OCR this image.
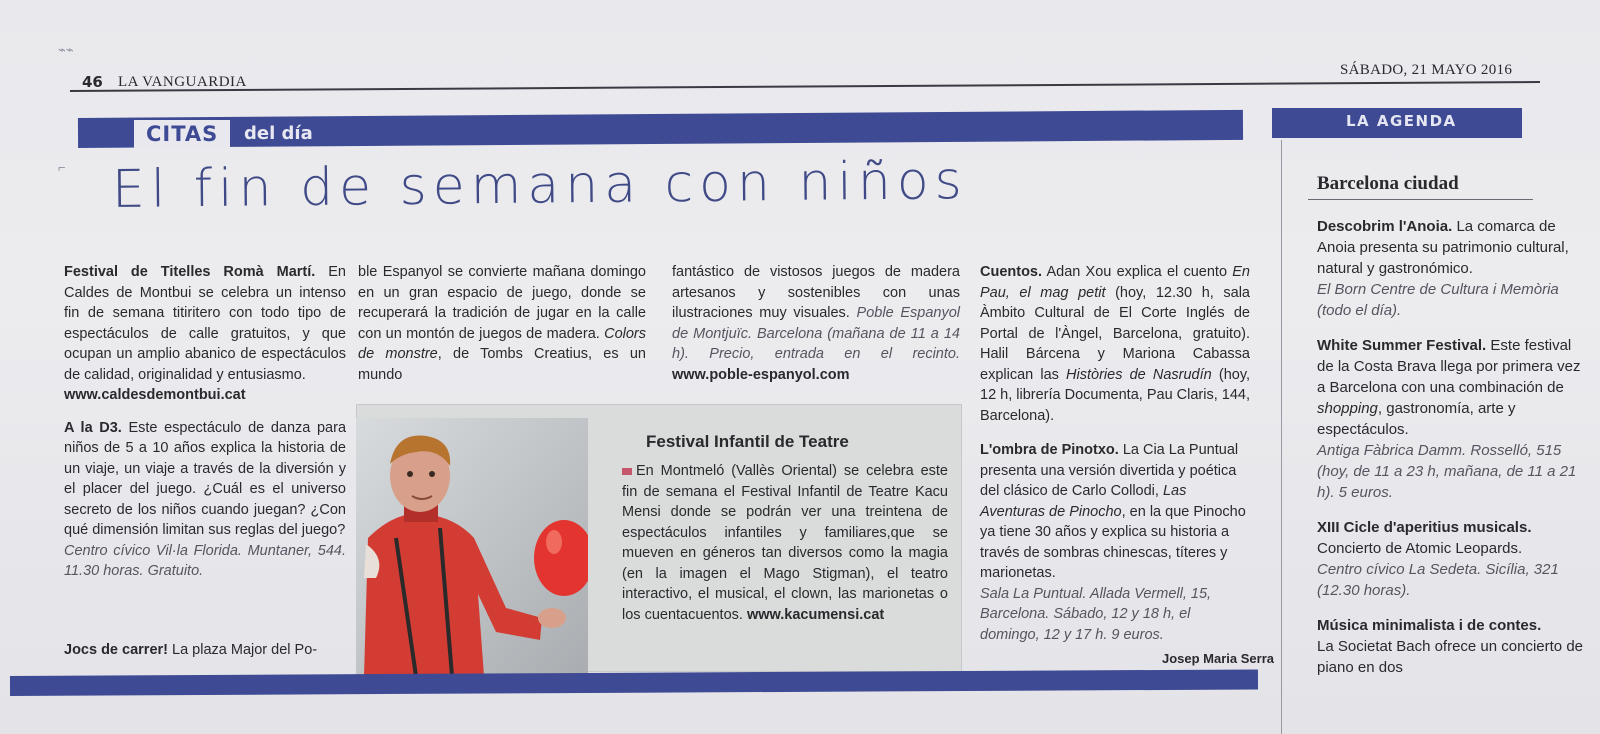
46 LA VANGUARDIA
SÁBADO, 21 MAYO 2016
⌁⌁
CITAS	del día
LA AGENDA
⌐ El fin de semana con niños

Festival de Titelles Romà Martí. En Caldes de Montbui se celebra un intenso fin de semana titiritero con todo tipo de espectáculos de calle gratuitos, y que ocupan un amplio abanico de espectáculos de calidad, originalidad y entusiasmo.
www.caldesdemontbui.cat

A la D3. Este espectáculo de danza para niños de 5 a 10 años explica la historia de un viaje, un viaje a través de la diversión y el placer del juego. ¿Cuál es el universo secreto de los niños cuando juegan? ¿Con qué dimensión limitan sus reglas del juego?
Centro cívico Vil·la Florida. Muntaner, 544. 11.30 horas. Gratuito.

Jocs de carrer! La plaza Major del Po-
ble Espanyol se convierte mañana domingo en un gran espacio de juego, donde se recuperará la tradición de jugar en la calle con un montón de juegos de madera. Colors de monstre, de Tombs Creatius, es un mundo
fantástico de vistosos juegos de madera artesanos y sostenibles con unas ilustraciones muy visuales. Poble Espanyol de Montjuïc. Barcelona (mañana de 11 a 14 h). Precio, entrada en el recinto. www.poble-espanyol.com
Cuentos. Adan Xou explica el cuento En Pau, el mag petit (hoy, 12.30 h, sala Àmbito Cultural de El Corte Inglés de Portal de l'Àngel, Barcelona, gratuito). Halil Bárcena y Mariona Cabassa explican las Històries de Nasrudín (hoy, 12 h, librería Documenta, Pau Claris, 144, Barcelona).
L'ombra de Pinotxo. La Cia La Puntual presenta una versión divertida y poética del clásico de Carlo Collodi, Las Aventuras de Pinocho, en la que Pinocho ya tiene 30 años y explica su historia a través de sombras chinescas, títeres y marionetas.
Sala La Puntual. Allada Vermell, 15, Barcelona. Sábado, 12 y 18 h, el domingo, 12 y 17 h. 9 euros.
Josep Maria Serra
Festival Infantil de Teatre
En Montmeló (Vallès Oriental) se celebra este fin de semana el Festival Infantil de Teatre Kacu Mensi donde se podrán ver una treintena de espectáculos infantiles y familiares,que se mueven en géneros tan diversos como la magia (en la imagen el Mago Stigman), el teatro interactivo, el musical, el clown, las marionetas o los cuentacuentos. www.kacumensi.cat
Barcelona ciudad

Descobrim l'Anoia. La comarca de Anoia presenta su patrimonio cultural, natural y gastronómico.
El Born Centre de Cultura i Memòria (todo el día).

White Summer Festival. Este festival de la Costa Brava llega por primera vez a Barcelona con una combinación de shopping, gastronomía, arte y espectáculos.
Antiga Fàbrica Damm. Rosselló, 515 (hoy, de 11 a 23 h, mañana, de 11 a 21 h). 5 euros.

XIII Cicle d'aperitius musicals.
Concierto de Atomic Leopards.
Centro cívico La Sedeta. Sicília, 321 (12.30 horas).

Música minimalista i de contes.
La Societat Bach ofrece un concierto de piano en dos
